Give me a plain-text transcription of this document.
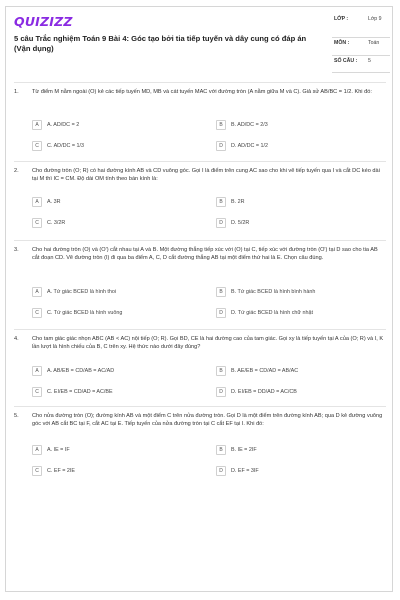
QUIZIZZ
5 câu Trắc nghiệm Toán 9 Bài 4: Góc tạo bởi tia tiếp tuyến và dây cung có đáp án (Vận dụng)
LỚP :	Lớp 9
MÔN :	Toán
SỐ CÂU :	5
1. Từ điểm M nằm ngoài (O) kẻ các tiếp tuyến MD, MB và cát tuyến MAC với đường tròn (A nằm giữa M và C). Giả sử AB/BC = 1/2. Khi đó:
A	A. AD/DC = 2	B	B. AD/DC = 2/3
C	C. AD/DC = 1/3	D	D. AD/DC = 1/2
2. Cho đường tròn (O; R) có hai đường kính AB và CD vuông góc. Gọi I là điểm trên cung AC sao cho khi vẽ tiếp tuyến qua I và cắt DC kéo dài tại M thì IC = CM. Độ dài OM tính theo bán kính là:
A	A. 3R	B	B. 2R
C	C. 3/2R	D	D. 5/2R
3. Cho hai đường tròn (O) và (O') cắt nhau tại A và B. Một đường thẳng tiếp xúc với (O) tại C, tiếp xúc với đường tròn (O') tại D sao cho tia AB cắt đoạn CD. Vẽ đường tròn (I) đi qua ba điểm A, C, D cắt đường thẳng AB tại một điểm thứ hai là E. Chọn câu đúng.
A	A. Tứ giác BCED là hình thoi	B	B. Tứ giác BCED là hình bình hành
C	C. Tứ giác BCED là hình vuông	D	D. Tứ giác BCED là hình chữ nhật
4. Cho tam giác giác nhọn ABC (AB < AC) nội tiếp (O; R). Gọi BD, CE là hai đường cao của tam giác. Gọi xy là tiếp tuyến tại A của (O; R) và I, K lần lượt là hình chiếu của B, C trên xy. Hệ thức nào dưới đây đúng?
A	A. AB/EB = CD/AB = AC/AD	B	B. AE/EB = CD/AD = AB/AC
C	C. EI/EB = CD/AD = AC/BE	D	D. EI/EB = DD/AD = AC/CB
5. Cho nửa đường tròn (O); đường kính AB và một điểm C trên nửa đường tròn. Gọi D là một điểm trên đường kính AB; qua D kẻ đường vuông góc với AB cắt BC tại F, cắt AC tại E. Tiếp tuyến của nửa đường tròn tại C cắt EF tại I. Khi đó:
A	A. IE = IF	B	B. IE = 2IF
C	C. EF = 2IE	D	D. EF = 3IF
